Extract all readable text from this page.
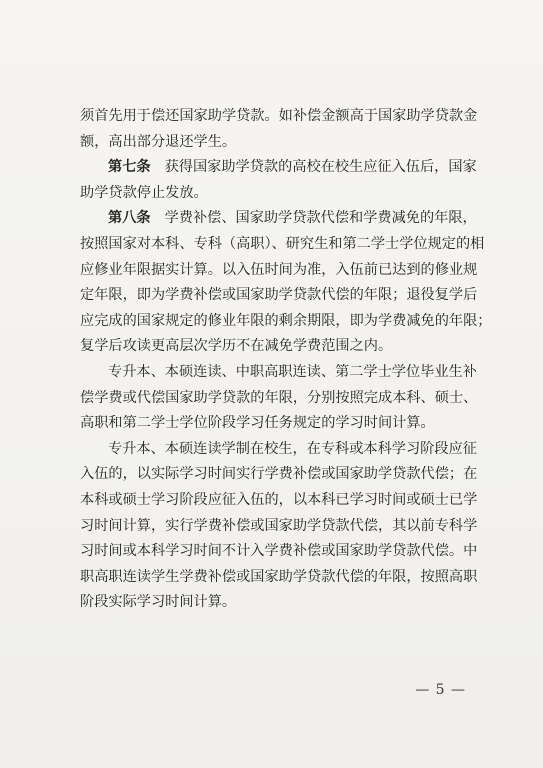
须首先用于偿还国家助学贷款。如补偿金额高于国家助学贷款金
额，高出部分退还学生。
第七条 获得国家助学贷款的高校在校生应征入伍后，国家
助学贷款停止发放。
第八条 学费补偿、国家助学贷款代偿和学费减免的年限，
按照国家对本科、专科（高职）、研究生和第二学士学位规定的相
应修业年限据实计算。以入伍时间为准，入伍前已达到的修业规
定年限，即为学费补偿或国家助学贷款代偿的年限；退役复学后
应完成的国家规定的修业年限的剩余期限，即为学费减免的年限；
复学后攻读更高层次学历不在减免学费范围之内。
专升本、本硕连读、中职高职连读、第二学士学位毕业生补
偿学费或代偿国家助学贷款的年限，分别按照完成本科、硕士、
高职和第二学士学位阶段学习任务规定的学习时间计算。
专升本、本硕连读学制在校生，在专科或本科学习阶段应征
入伍的，以实际学习时间实行学费补偿或国家助学贷款代偿；在
本科或硕士学习阶段应征入伍的，以本科已学习时间或硕士已学
习时间计算，实行学费补偿或国家助学贷款代偿，其以前专科学
习时间或本科学习时间不计入学费补偿或国家助学贷款代偿。中
职高职连读学生学费补偿或国家助学贷款代偿的年限，按照高职
阶段实际学习时间计算。
— 5 —
